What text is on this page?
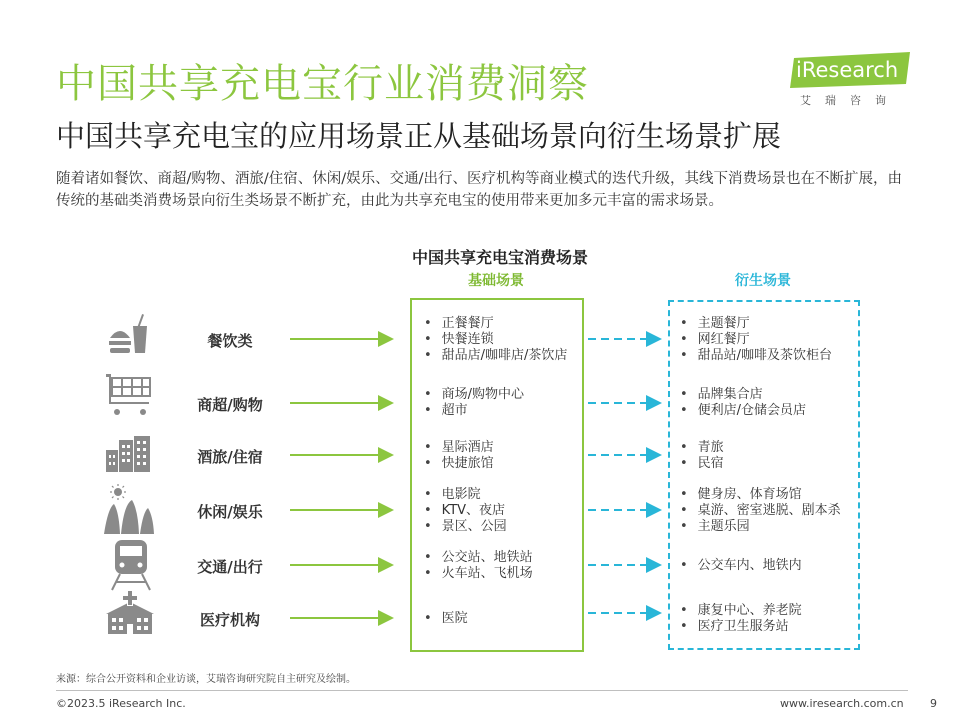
中国共享充电宝行业消费洞察
中国共享充电宝的应用场景正从基础场景向衍生场景扩展
随着诸如餐饮、商超/购物、酒旅/住宿、休闲/娱乐、交通/出行、医疗机构等商业模式的迭代升级，其线下消费场景也在不断扩展，由传统的基础类消费场景向衍生类场景不断扩充，由此为共享充电宝的使用带来更加多元丰富的需求场景。
iResearch
艾瑞咨询
中国共享充电宝消费场景
基础场景	衍生场景
餐饮类
商超/购物
酒旅/住宿
休闲/娱乐
交通/出行
医疗机构
• 正餐餐厅
• 快餐连锁
• 甜品店/咖啡店/茶饮店
• 商场/购物中心
• 超市
• 星际酒店
• 快捷旅馆
• 电影院
• KTV、夜店
• 景区、公园
• 公交站、地铁站
• 火车站、飞机场
• 医院
• 主题餐厅
• 网红餐厅
• 甜品站/咖啡及茶饮柜台
• 品牌集合店
• 便利店/仓储会员店
• 青旅
• 民宿
• 健身房、体育场馆
• 桌游、密室逃脱、剧本杀
• 主题乐园
• 公交车内、地铁内
• 康复中心、养老院
• 医疗卫生服务站
来源：综合公开资料和企业访谈，艾瑞咨询研究院自主研究及绘制。
©2023.5 iResearch Inc.	www.iresearch.com.cn 9
